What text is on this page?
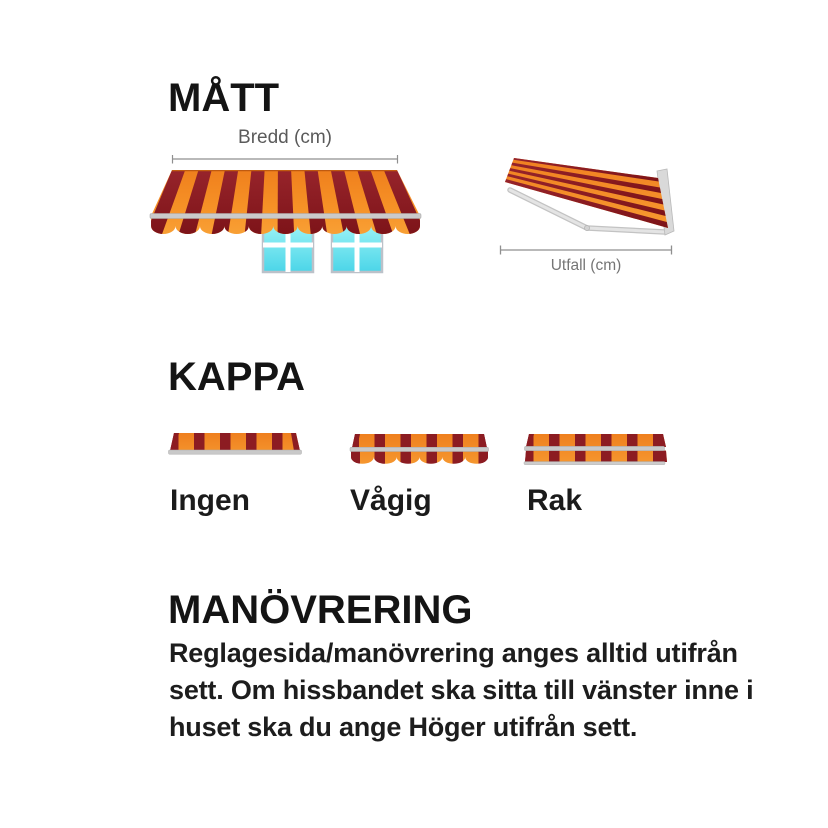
MÅTT
Bredd (cm)
Utfall (cm)
KAPPA
Ingen	Vågig	Rak
MANÖVRERING
Reglagesida/manövrering anges alltid utifrån
sett. Om hissbandet ska sitta till vänster inne i
huset ska du ange Höger utifrån sett.
